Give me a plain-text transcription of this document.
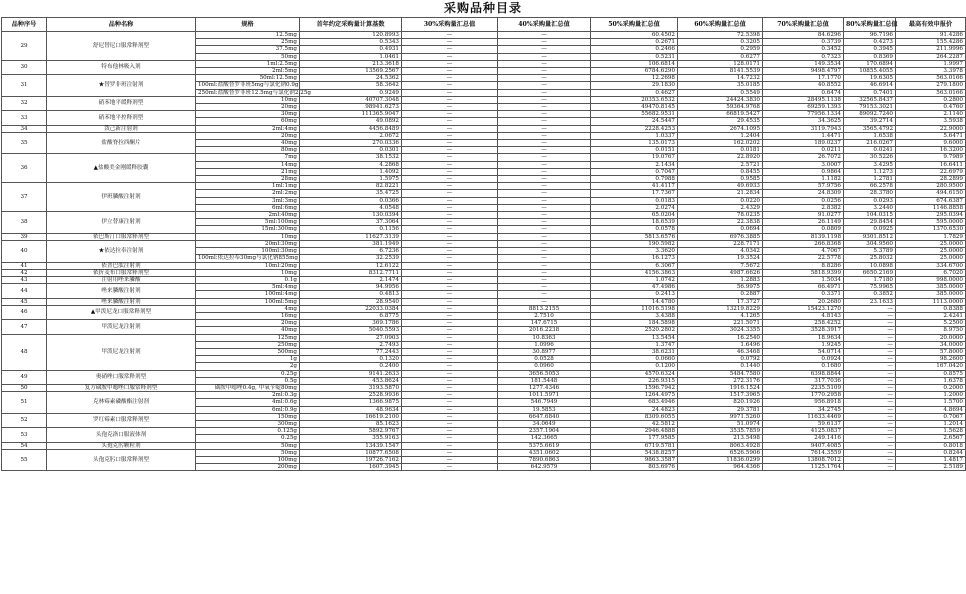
采购品种目录
品种序号	品种名称	规格	首年约定采购量计算基数	30%采购量汇总值	40%采购量汇总值	50%采购量汇总值	60%采购量汇总值	70%采购量汇总值	80%采购量汇总值	最高有效申报价
29	舒尼替尼口服常释剂型	12.5mg	120.8993	—	—	60.4502	72.5398	84.6296	96.7196	91.4286
		25mg	0.5343	—	—	0.2671	0.3205	0.3739	0.4273	155.4286
		37.5mg	0.4931	—	—	0.2466	0.2959	0.3452	0.3945	211.9996
		50mg	1.0461	—	—	0.5231	0.6277	0.7323	0.8369	264.2287
30	特布他林吸入剂	1ml:2.5mg	213.3618	—	—	106.6814	128.0171	149.3534	170.6894	1.9997
		2ml:5mg	13569.2567	—	—	6784.6290	8141.5539	9498.4797	10855.4055	3.3978
31	★替罗非班注射剂	50ml:12.5mg	24.5362	—	—	12.2698	14.7232	17.1770	19.6305	563.0166
		100ml:盐酸替罗非班5mg与氯化钠0.9g	58.3642	—	—	29.1830	35.0185	40.8552	46.6914	279.1800
		250ml:盐酸替罗非班12.5mg与氯化钠2.25g	0.9249	—	—	0.4627	0.5549	0.6474	0.7401	563.0166
32	硝苯地平缓释剂型	10mg	40707.3048	—	—	20353.6532	24424.3830	28495.1138	32565.8437	0.2800
		20mg	98941.6273	—	—	49470.8145	59364.9768	69259.1393	79153.3021	0.4760
33	硝苯地平控释剂型	30mg	111365.9047	—	—	55682.9531	66819.5427	77956.1334	89092.7240	2.1140
		60mg	49.0892	—	—	24.5447	29.4535	34.3625	39.2714	3.5938
34	泼己新注射剂	2ml:4mg	4456.8489	—	—	2228.4253	2674.1095	3119.7943	3565.4792	22.9000
35	盐酸脊拉西酮片	20mg	2.0672	—	—	1.0337	1.2404	1.4471	1.6538	5.6471
		40mg	270.0336	—	—	135.0173	162.0202	189.0237	216.0267	9.6000
		80mg	0.0301	—	—	0.0151	0.0181	0.0211	0.0241	16.3200
36	▲盐酸美金刚缓释胶囊	7mg	38.1532	—	—	19.0767	22.8920	26.7072	30.5226	9.7989
		14mg	4.2868	—	—	2.1434	2.5721	3.0007	3.4295	16.6411
		21mg	1.4092	—	—	0.7047	0.8455	0.9864	1.1273	22.6979
		28mg	1.5975	—	—	0.7988	0.9585	1.1182	1.2781	28.2899
37	伊班膦酸注射剂	1ml:1mg	82.8221	—	—	41.4117	49.6933	57.9756	66.2578	280.9500
		2ml:2mg	35.4725	—	—	17.7367	21.2834	24.8309	28.3780	494.6150
		3ml:3mg	0.0366	—	—	0.0183	0.0220	0.0256	0.0293	674.6387
		6ml:6mg	4.0548	—	—	2.0274	2.4329	2.8382	3.2440	1146.8858
38	伊立替康注射剂	2ml:40mg	130.0394	—	—	65.0204	78.0235	91.0277	104.0315	295.0394
		5ml:100mg	37.3064	—	—	18.6539	22.3838	26.1149	29.8454	595.0000
		15ml:300mg	0.1156	—	—	0.0578	0.0694	0.0809	0.0925	1370.6530
39	依巴斯汀口服常释剂型	10mg	11627.3139	—	—	5813.6576	6976.3885	8139.1198	9301.8512	1.7829
40	★依达拉奉注射剂	20ml:30mg	381.1949	—	—	190.5982	228.7171	266.8368	304.9560	25.0000
		100ml:30mg	6.7236	—	—	3.3620	4.0342	4.7067	5.3789	25.0000
		100ml:依达拉奉30mg与氯化钠855mg	32.2539	—	—	16.1273	19.3524	22.5778	25.8032	25.0000
41	依普巴肽注射剂	10ml:20mg	12.6122	—	—	6.3067	7.5672	8.8286	10.0898	334.6700
42	依折麦布口服常释剂型	10mg	8312.7711	—	—	4156.3863	4987.6626	5818.9399	6650.2169	6.7020
43	注射用唑来膦酸	0.1g	2.1474	—	—	1.0742	1.2883	1.5034	1.7180	998.0000
44	唑来膦酸注射剂	5ml:4mg	94.9956	—	—	47.4986	56.9975	66.4971	75.9965	385.0000
		100ml:4mg	0.4813	—	—	0.2413	0.2887	0.3371	0.3852	385.0000
45	唑来膦酸注射剂	100ml:5mg	28.9540	—	—	14.4780	17.3727	20.2680	23.1633	1113.0000
46	▲甲泼尼龙口服常释剂型	4mg	22033.0384	—	8813.2155	11016.5198	13219.8229	15423.1270	—	0.8388
		16mg	6.8775	—	2.7510	3.4388	4.1265	4.8143	—	2.4241
47	甲泼尼龙注射剂	20mg	369.1786	—	147.6715	184.5898	221.5071	258.4252	—	5.2500
		40mg	5040.5593	—	2016.2238	2520.2802	3024.3355	3528.3917	—	8.9750
48	甲泼尼龙注射剂	125mg	27.0903	—	10.8363	13.5454	16.2540	18.9634	—	20.0000
		250mg	2.7493	—	1.0996	1.3747	1.6496	1.9245	—	34.0000
		500mg	77.2443	—	30.8977	38.6231	46.3468	54.0714	—	57.8000
		1g	0.1320	—	0.0528	0.0660	0.0792	0.0924	—	98.2600
		2g	0.2400	—	0.0960	0.1200	0.1440	0.1680	—	167.0420
49	奥硝唑口服常释剂型	0.25g	9141.2633	—	3656.5053	4570.6324	5484.7580	6398.8844	—	0.8575
		0.5g	453.8624	—	181.5448	226.9315	272.3176	317.7036	—	1.6378
50	复方磺胺甲噁唑口服常释剂型	磺胺甲噁唑0.4g, 甲氧苄啶80mg	3193.5870	—	1277.4346	1596.7942	1916.1524	2235.5109	—	0.2000
51	克林霉素磷酸酯注射剂	2ml:0.3g	2528.9936	—	1011.5971	1264.4975	1517.3965	1770.2958	—	1.2000
		4ml:0.6g	1366.9875	—	546.7949	683.4946	820.1926	956.8918	—	1.5700
		6ml:0.9g	48.9634	—	19.5853	24.4823	29.3781	34.2745	—	4.8694
52	罗红霉素口服常释剂型	150mg	16619.2100	—	6647.6840	8309.6055	9971.5260	11633.4469	—	0.7067
		300mg	85.1623	—	34.0649	42.5812	51.0974	59.6137	—	1.2014
53	头孢克洛口服液体剂	0.125g	5892.9767	—	2357.1904	2946.4888	3535.7859	4125.0837	—	1.5628
		0.25g	355.9163	—	142.3665	177.9585	213.5498	249.1416	—	2.6567
54	头孢克肟颗粒剂	50mg	13439.1547	—	5375.6619	6719.5781	8063.4928	9407.4085	—	0.8018
55	头孢克肟口服常释剂型	50mg	10877.6508	—	4351.0602	5438.8257	6526.5906	7614.3559	—	0.8244
		100mg	19726.7162	—	7890.6863	9863.3587	11836.0299	13808.7012	—	1.4817
		200mg	1607.3945	—	642.9579	803.6976	964.4366	1125.1764	—	2.5189
